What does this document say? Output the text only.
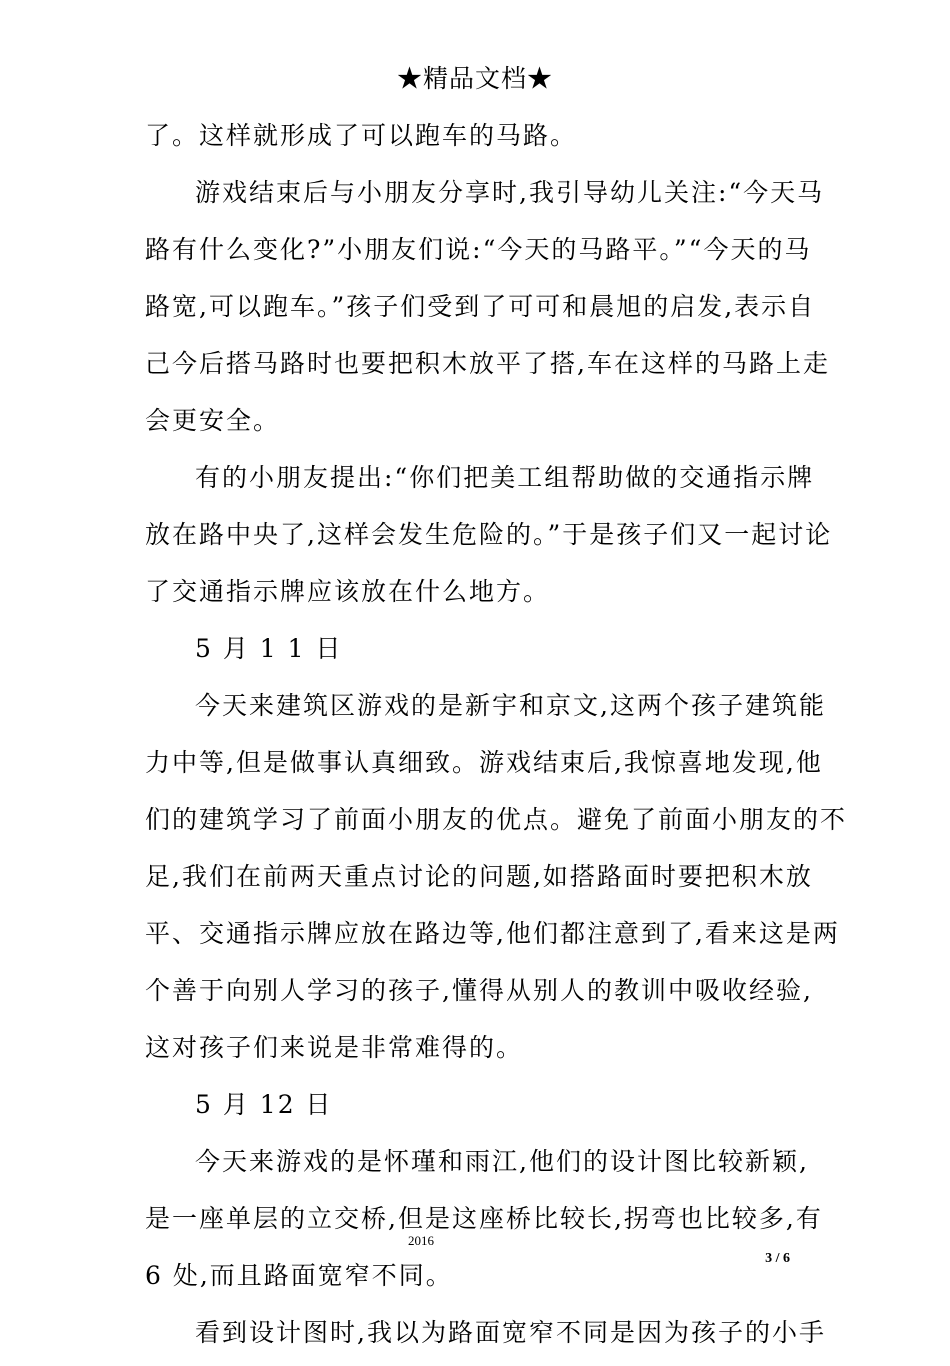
★精品文档★
了。这样就形成了可以跑车的马路。
游戏结束后与小朋友分享时,我引导幼儿关注:“今天马
路有什么变化?”小朋友们说:“今天的马路平。”“今天的马
路宽,可以跑车。”孩子们受到了可可和晨旭的启发,表示自
己今后搭马路时也要把积木放平了搭,车在这样的马路上走
会更安全。
有的小朋友提出:“你们把美工组帮助做的交通指示牌
放在路中央了,这样会发生危险的。”于是孩子们又一起讨论
了交通指示牌应该放在什么地方。
5 月 1 1 日
今天来建筑区游戏的是新宇和京文,这两个孩子建筑能
力中等,但是做事认真细致。游戏结束后,我惊喜地发现,他
们的建筑学习了前面小朋友的优点。避免了前面小朋友的不
足,我们在前两天重点讨论的问题,如搭路面时要把积木放
平、交通指示牌应放在路边等,他们都注意到了,看来这是两
个善于向别人学习的孩子,懂得从别人的教训中吸收经验,
这对孩子们来说是非常难得的。
5 月 12 日
今天来游戏的是怀瑾和雨江,他们的设计图比较新颖,
是一座单层的立交桥,但是这座桥比较长,拐弯也比较多,有
6 处,而且路面宽窄不同。
看到设计图时,我以为路面宽窄不同是因为孩子的小手
2016
3 / 6
